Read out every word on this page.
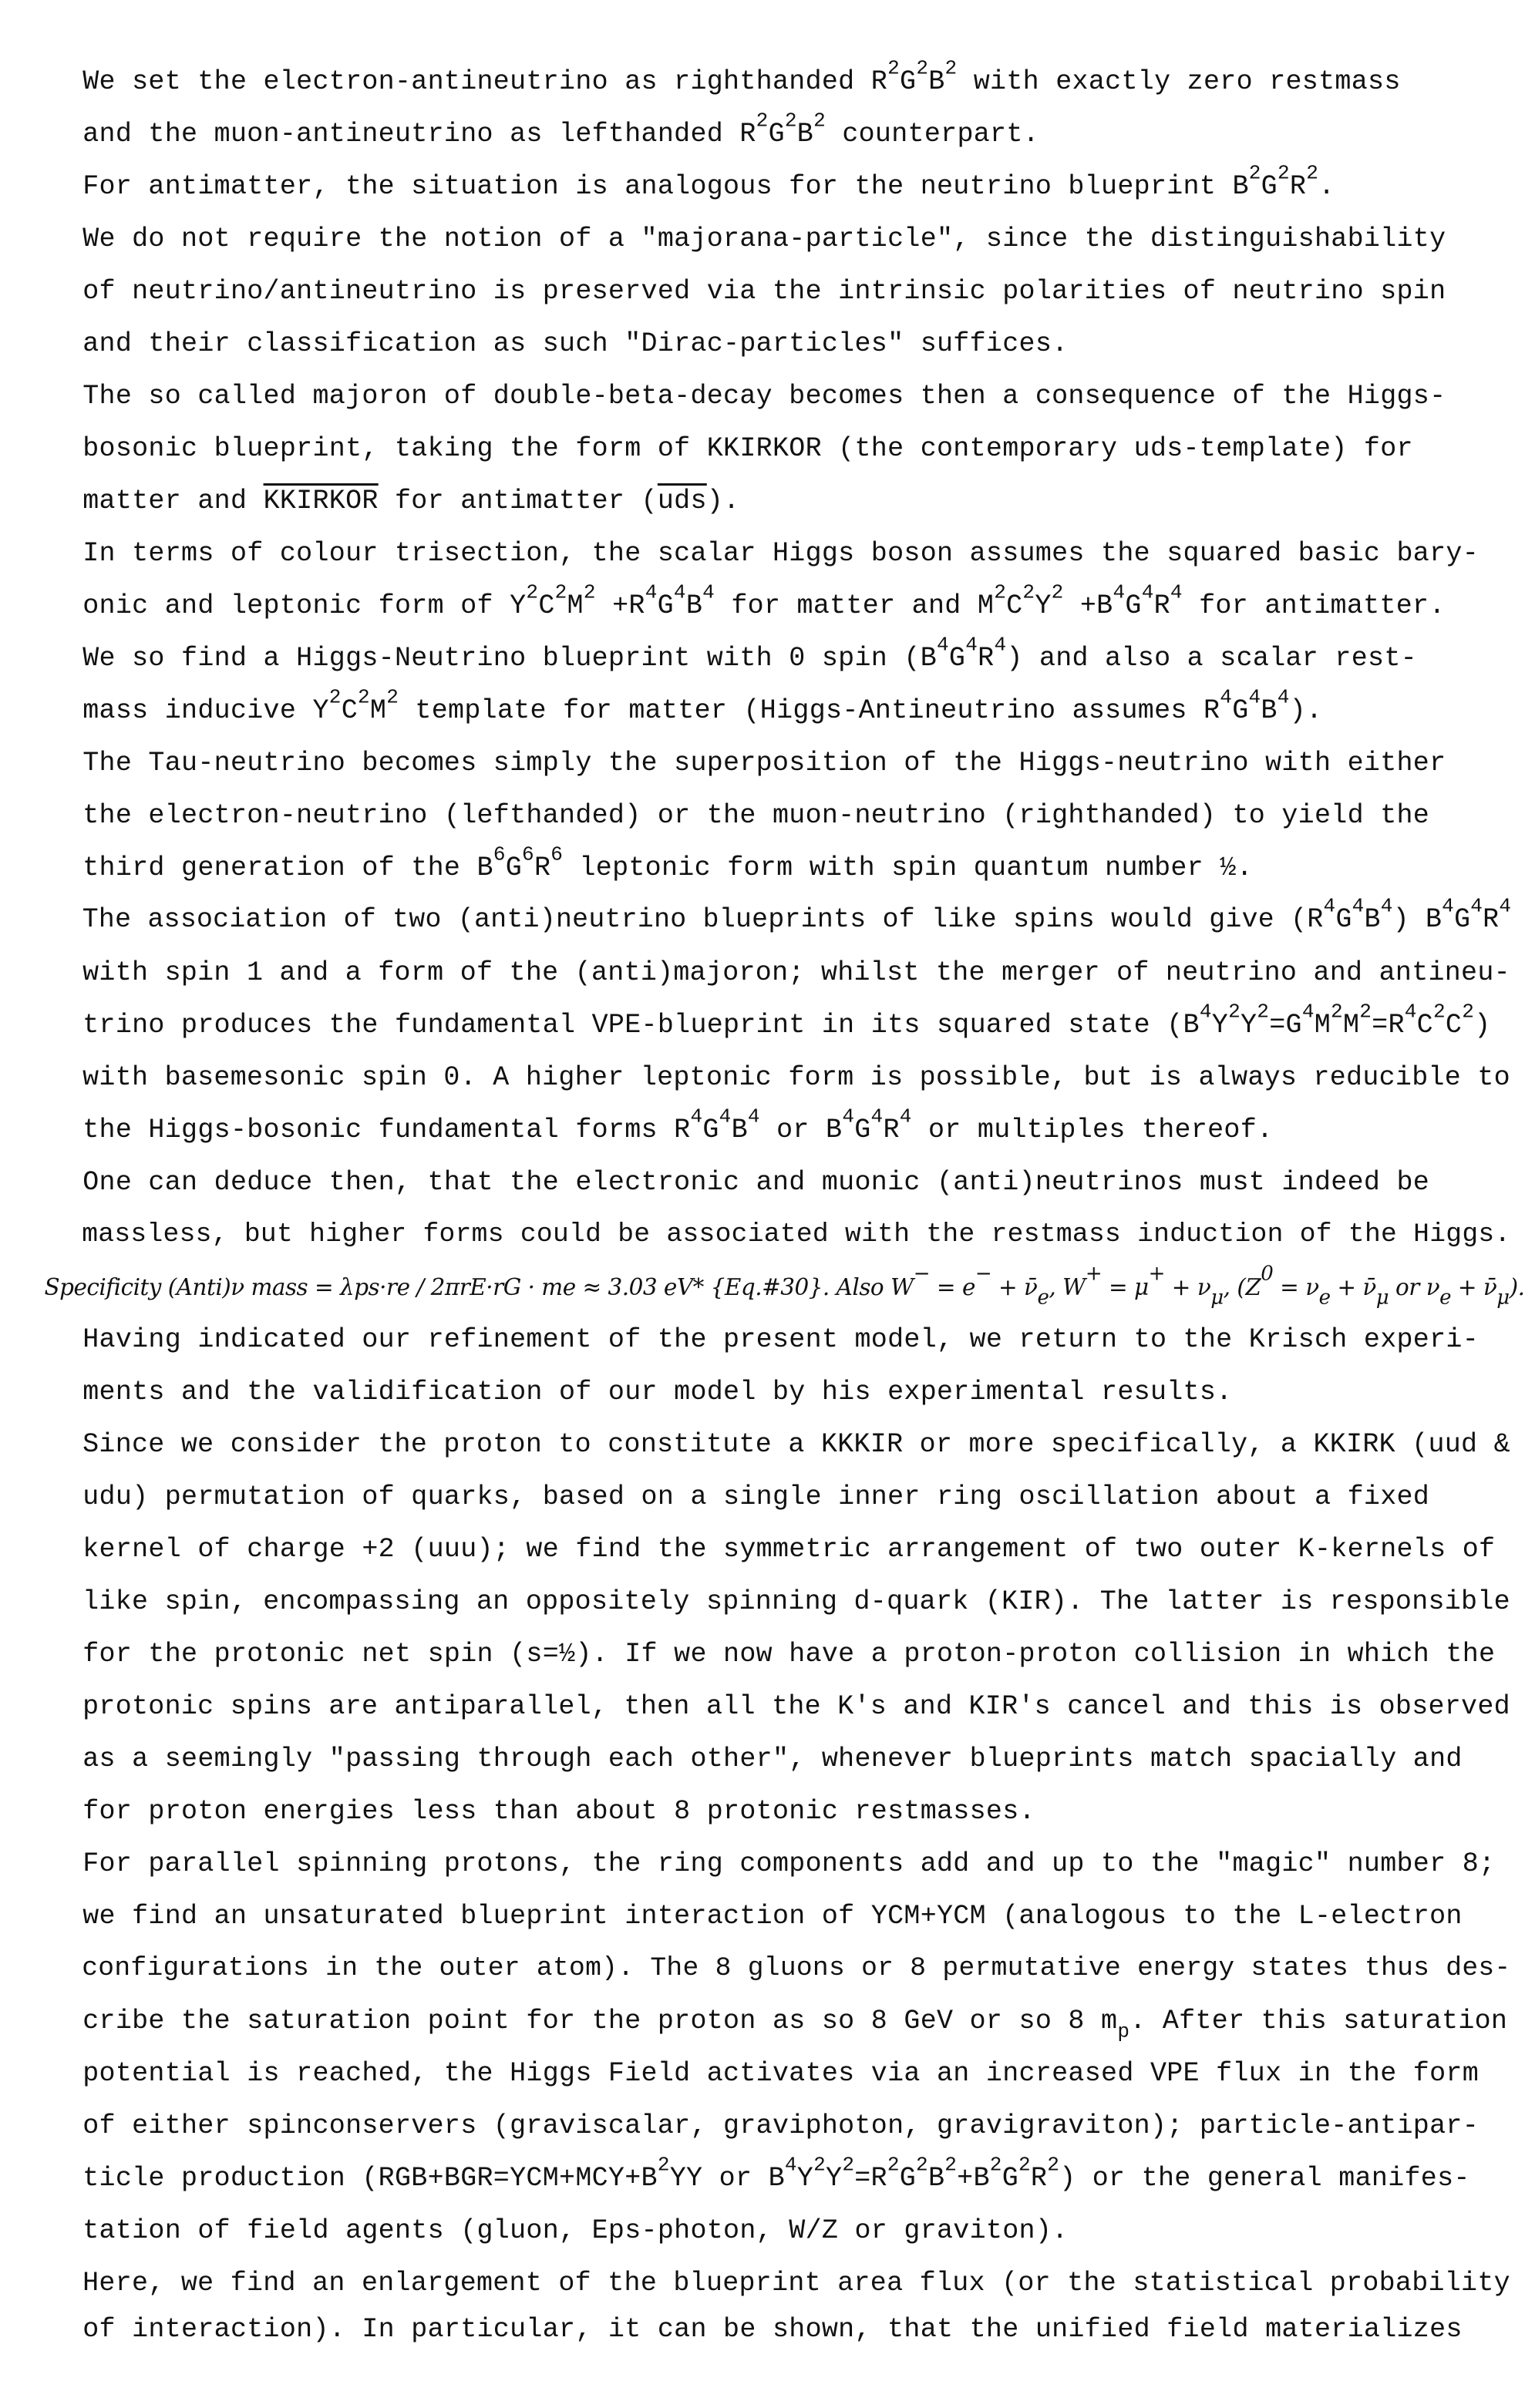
We set the electron-antineutrino as righthanded $R^2G^2B^2$ with exactly zero restmass

and the muon-antineutrino as lefthanded $R^2G^2B^2$ counterpart.

For antimatter, the situation is analogous for the neutrino blueprint $B^2G^2R^2$.

We do not require the notion of a "majorana-particle", since the distinguishability

of neutrino/antineutrino is preserved via the intrinsic polarities of neutrino spin

and their classification as such "Dirac-particles" suffices.

The so called majoron of double-beta-decay becomes then a consequence of the Higgs-

bosonic blueprint, taking the form of KKIRKOR (the contemporary uds-template) for

matter and KKIRKOR for antimatter $(\overline{uds})$.

In terms of colour trisection, the scalar Higgs boson assumes the squared basic bary-

onic and leptonic form of $Y^2C^2M^2 +R^4G^4B^4$ for matter and $M^2C^2Y^2 +B^4G^4R^4$ for antimatter.

We so find a Higgs-Neutrino blueprint with 0 spin $(B^4G^4R^4)$ and also a scalar rest-

mass inducive $Y^2C^2M^2$ template for matter (Higgs-Antineutrino assumes $R^4G^4B^4$).

The Tau-neutrino becomes simply the superposition of the Higgs-neutrino with either

the electron-neutrino (lefthanded) or the muon-neutrino (righthanded) to yield the

third generation of the $B^6G^6R^6$ leptonic form with spin quantum number ½.

The association of two (anti)neutrino blueprints of like spins would give $(R^4G^4B^4)$ $B^4G^4R^4$

with spin 1 and a form of the (anti)majoron; whilst the merger of neutrino and antineu-

trino produces the fundamental VPE-blueprint in its squared state $(B^4Y^2Y^2=G^4M^2M^2=R^4C^2C^2)$

with basemesonic spin 0. A higher leptonic form is possible, but is always reducible to

the Higgs-bosonic fundamental forms $R^4G^4B^4$ or $B^4G^4R^4$ or multiples thereof.

One can deduce then, that the electronic and muonic (anti)neutrinos must indeed be

massless, but higher forms could be associated with the restmass induction of the Higgs.

Specificity (Anti)ν mass = λps·re / 2πrE·rG · me ≈ 3.03 eV* {Eq.#30}. Also $W^- = e^- + \nū_e$, $W^+ = \mu^+ + \nu_\mu$, ($Z^0 = \nu_e$ + $\nū_\mu$ or $\nu_e$ + $\nū_\mu$).

Having indicated our refinement of the present model, we return to the Krisch experi-

ments and the validification of our model by his experimental results.

Since we consider the proton to constitute a KKKIR or more specifically, a KKIRK (uud &

udu) permutation of quarks, based on a single inner ring oscillation about a fixed

kernel of charge +2 (uuu); we find the symmetric arrangement of two outer K-kernels of

like spin, encompassing an oppositely spinning d-quark (KIR). The latter is responsible

for the protonic net spin (s=½). If we now have a proton-proton collision in which the

protonic spins are antiparallel, then all the K's and KIR's cancel and this is observed

as a seemingly "passing through each other", whenever blueprints match spacially and

for proton energies less than about 8 protonic restmasses.

For parallel spinning protons, the ring components add and up to the "magic" number 8;

we find an unsaturated blueprint interaction of YCM+YCM (analogous to the L-electron

configurations in the outer atom). The 8 gluons or 8 permutative energy states thus des-

cribe the saturation point for the proton as so 8 GeV or so 8 $m_p$. After this saturation

potential is reached, the Higgs Field activates via an increased VPE flux in the form

of either spinconservers (graviscalar, graviphoton, gravigraviton); particle-antipar-

ticle production ($RGB+BGR=YCM+MCY+B^2YY$ or $B^4Y^2Y^2=R^2G^2B^2+B^2G^2R^2$) or the general manifes-

tation of field agents (gluon, Eps-photon, W/Z or graviton).

Here, we find an enlargement of the blueprint area flux (or the statistical probability

of interaction). In particular, it can be shown, that the unified field materializes
